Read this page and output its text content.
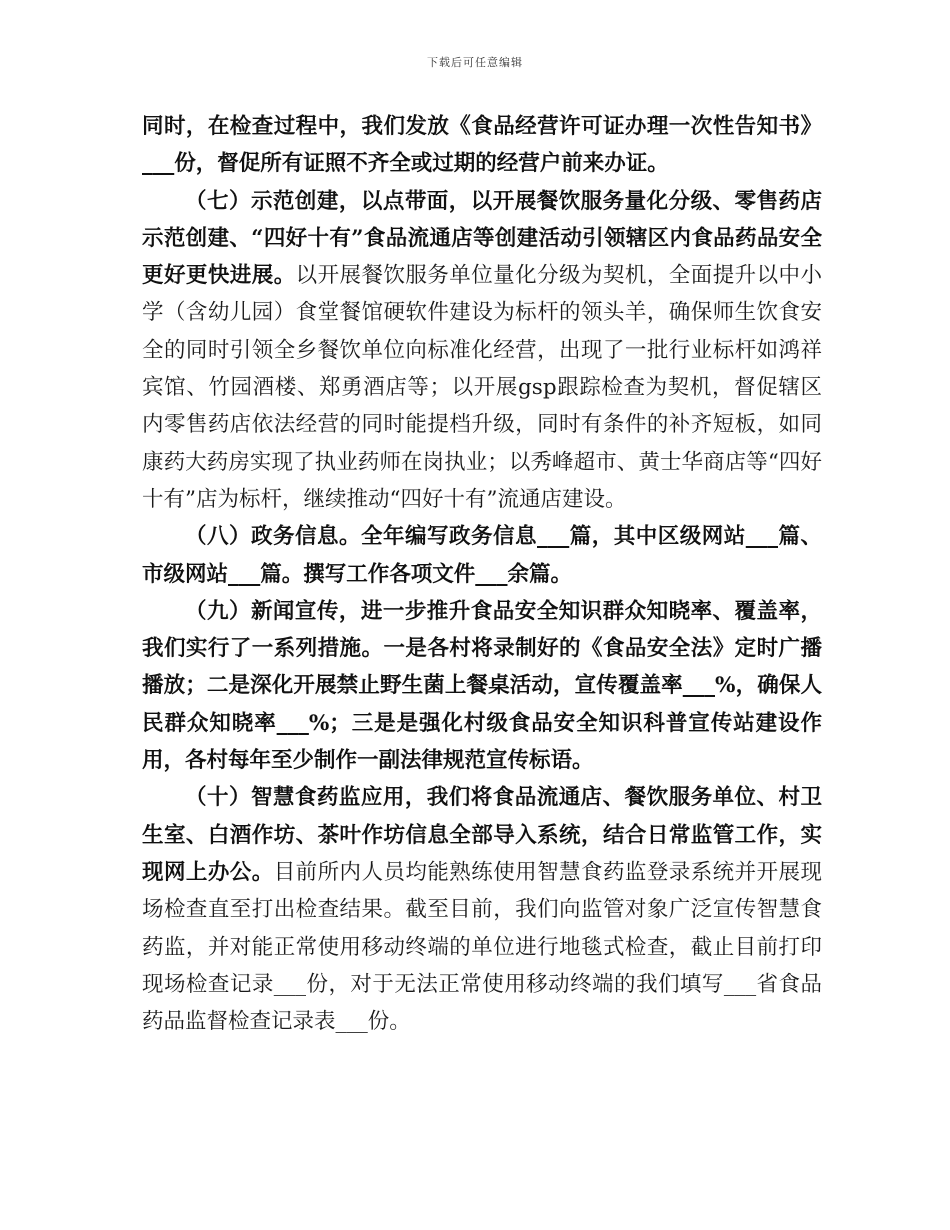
下载后可任意编辑

同时，在检查过程中，我们发放《食品经营许可证办理一次性告知书》___份，督促所有证照不齐全或过期的经营户前来办证。

（七）示范创建，以点带面，以开展餐饮服务量化分级、零售药店示范创建、“四好十有”食品流通店等创建活动引领辖区内食品药品安全更好更快进展。以开展餐饮服务单位量化分级为契机，全面提升以中小学（含幼儿园）食堂餐馆硬软件建设为标杆的领头羊，确保师生饮食安全的同时引领全乡餐饮单位向标准化经营，出现了一批行业标杆如鸿祥宾馆、竹园酒楼、郑勇酒店等；以开展gsp跟踪检查为契机，督促辖区内零售药店依法经营的同时能提档升级，同时有条件的补齐短板，如同康药大药房实现了执业药师在岗执业；以秀峰超市、黄士华商店等“四好十有”店为标杆，继续推动“四好十有”流通店建设。

（八）政务信息。全年编写政务信息___篇，其中区级网站___篇、市级网站___篇。撰写工作各项文件___余篇。

（九）新闻宣传，进一步推升食品安全知识群众知晓率、覆盖率，我们实行了一系列措施。一是各村将录制好的《食品安全法》定时广播播放；二是深化开展禁止野生菌上餐桌活动，宣传覆盖率___%，确保人民群众知晓率___%；三是是强化村级食品安全知识科普宣传站建设作用，各村每年至少制作一副法律规范宣传标语。

（十）智慧食药监应用，我们将食品流通店、餐饮服务单位、村卫生室、白酒作坊、茶叶作坊信息全部导入系统，结合日常监管工作，实现网上办公。目前所内人员均能熟练使用智慧食药监登录系统并开展现场检查直至打出检查结果。截至目前，我们向监管对象广泛宣传智慧食药监，并对能正常使用移动终端的单位进行地毯式检查，截止目前打印现场检查记录___份，对于无法正常使用移动终端的我们填写___省食品药品监督检查记录表___份。
